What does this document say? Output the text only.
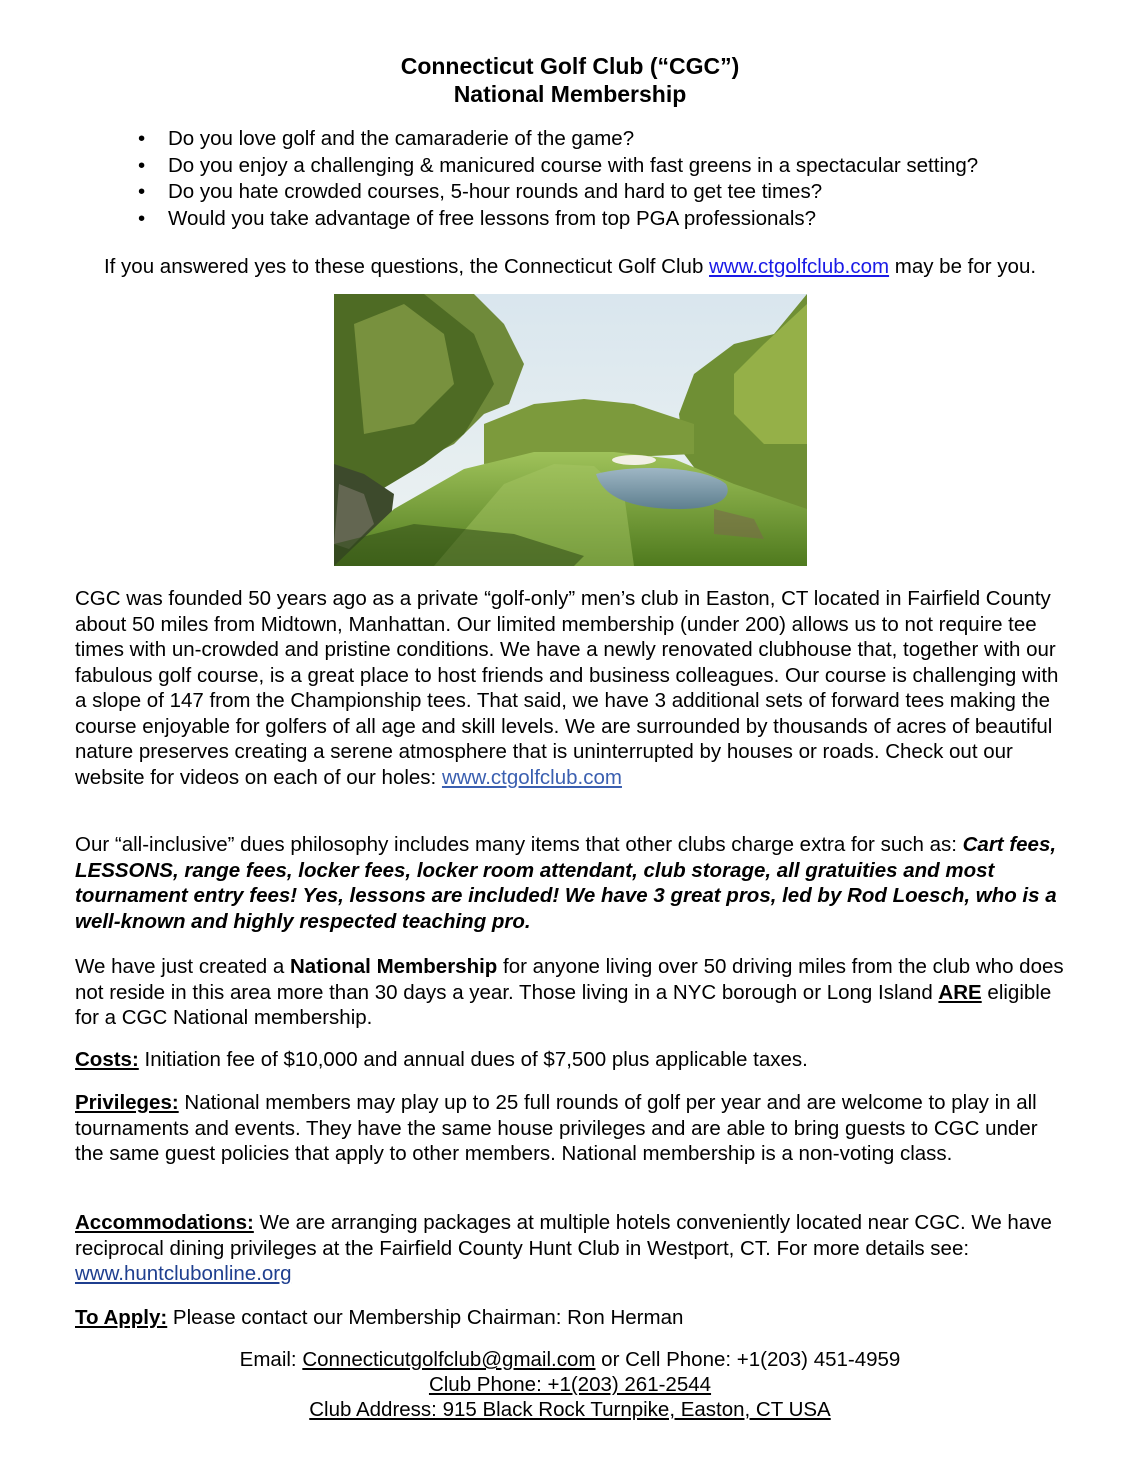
Connecticut Golf Club (“CGC”)
National Membership
• Do you love golf and the camaraderie of the game?
• Do you enjoy a challenging & manicured course with fast greens in a spectacular setting?
• Do you hate crowded courses, 5-hour rounds and hard to get tee times?
• Would you take advantage of free lessons from top PGA professionals?
If you answered yes to these questions, the Connecticut Golf Club www.ctgolfclub.com may be for you.
CGC was founded 50 years ago as a private “golf-only” men’s club in Easton, CT located in Fairfield County about 50 miles from Midtown, Manhattan. Our limited membership (under 200) allows us to not require tee times with un-crowded and pristine conditions. We have a newly renovated clubhouse that, together with our fabulous golf course, is a great place to host friends and business colleagues. Our course is challenging with a slope of 147 from the Championship tees. That said, we have 3 additional sets of forward tees making the course enjoyable for golfers of all age and skill levels. We are surrounded by thousands of acres of beautiful nature preserves creating a serene atmosphere that is uninterrupted by houses or roads. Check out our website for videos on each of our holes: www.ctgolfclub.com
Our “all-inclusive” dues philosophy includes many items that other clubs charge extra for such as: Cart fees, LESSONS, range fees, locker fees, locker room attendant, club storage, all gratuities and most tournament entry fees! Yes, lessons are included! We have 3 great pros, led by Rod Loesch, who is a well-known and highly respected teaching pro.
We have just created a National Membership for anyone living over 50 driving miles from the club who does not reside in this area more than 30 days a year. Those living in a NYC borough or Long Island ARE eligible for a CGC National membership.
Costs: Initiation fee of $10,000 and annual dues of $7,500 plus applicable taxes.
Privileges: National members may play up to 25 full rounds of golf per year and are welcome to play in all tournaments and events. They have the same house privileges and are able to bring guests to CGC under the same guest policies that apply to other members. National membership is a non-voting class.
Accommodations: We are arranging packages at multiple hotels conveniently located near CGC. We have reciprocal dining privileges at the Fairfield County Hunt Club in Westport, CT. For more details see: www.huntclubonline.org
To Apply: Please contact our Membership Chairman: Ron Herman
Email: Connecticutgolfclub@gmail.com or Cell Phone: +1(203) 451-4959
Club Phone: +1(203) 261-2544
Club Address: 915 Black Rock Turnpike, Easton, CT USA
